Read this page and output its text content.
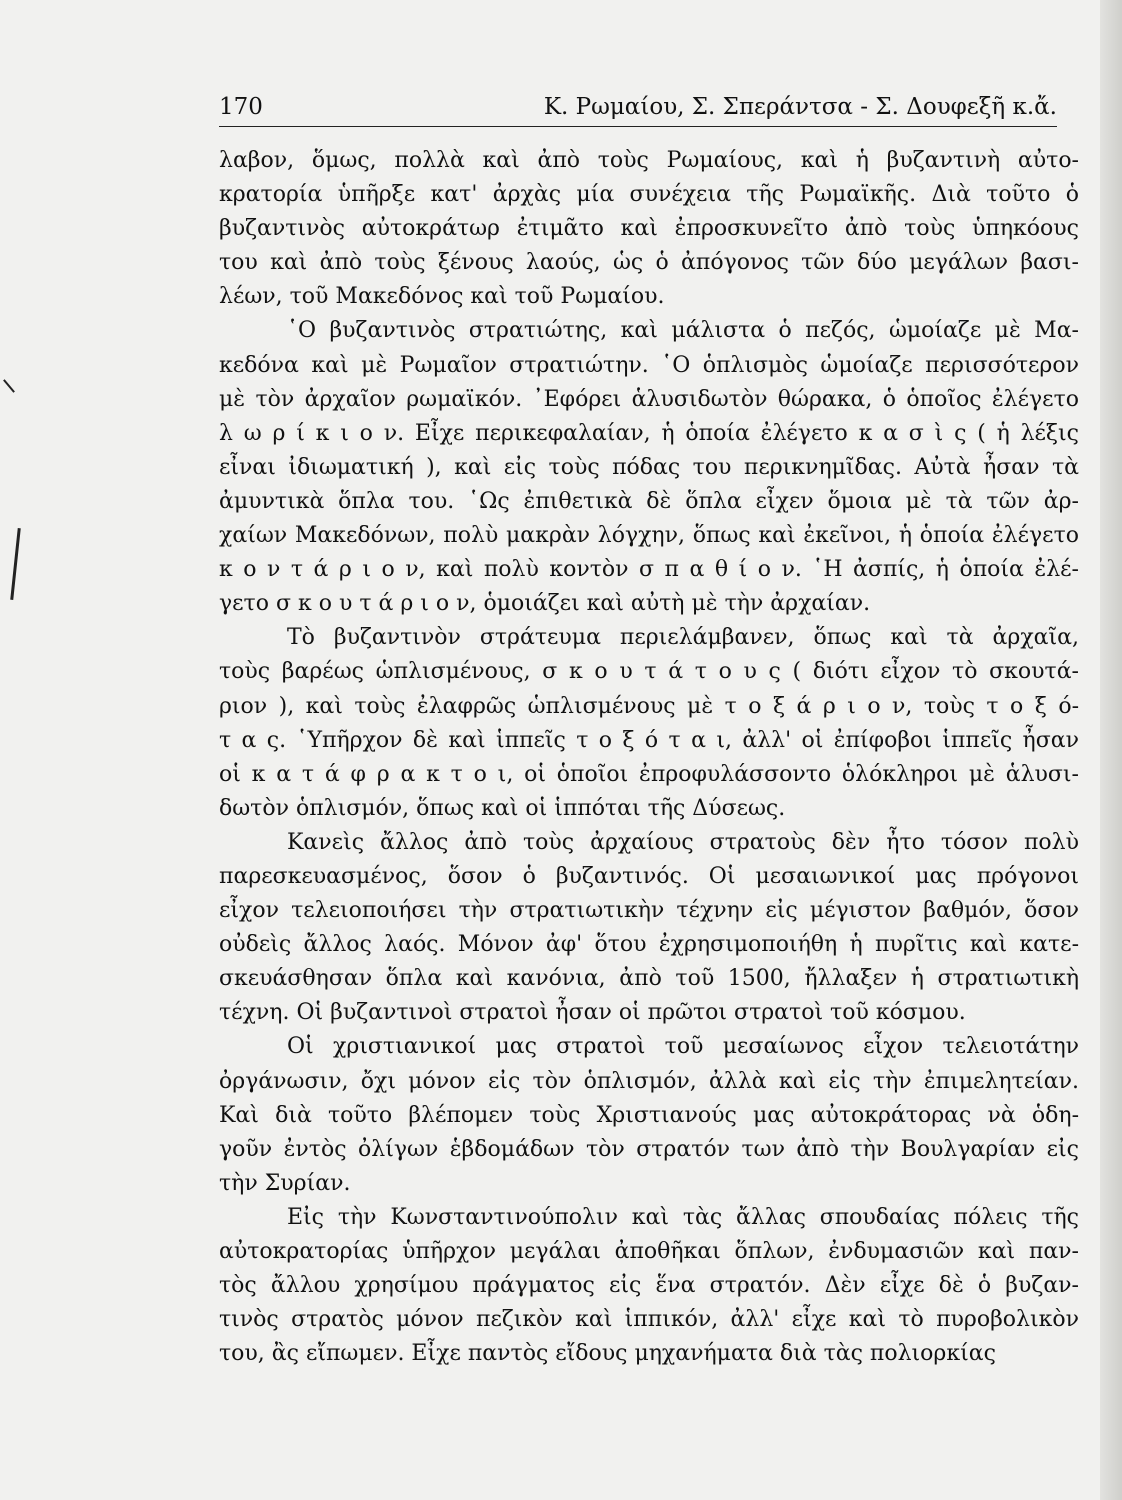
170	Κ. Ρωμαίου, Σ. Σπεράντσα - Σ. Δουφεξῆ κ.ἄ.
λαβον, ὅμως, πολλὰ καὶ ἀπὸ τοὺς Ρωμαίους, καὶ ἡ βυζαντινὴ αὐτο-
κρατορία ὑπῆρξε κατ' ἀρχὰς μία συνέχεια τῆς Ρωμαϊκῆς. Διὰ τοῦτο ὁ
βυζαντινὸς αὐτοκράτωρ ἐτιμᾶτο καὶ ἐπροσκυνεῖτο ἀπὸ τοὺς ὑπηκόους
του καὶ ἀπὸ τοὺς ξένους λαούς, ὡς ὁ ἀπόγονος τῶν δύο μεγάλων βασι-
λέων, τοῦ Μακεδόνος καὶ τοῦ Ρωμαίου.
῾Ο βυζαντινὸς στρατιώτης, καὶ μάλιστα ὁ πεζός, ὡμοίαζε μὲ Μα-
κεδόνα καὶ μὲ Ρωμαῖον στρατιώτην. ῾Ο ὁπλισμὸς ὡμοίαζε περισσότερον
μὲ τὸν ἀρχαῖον ρωμαϊκόν. ᾿Εφόρει ἁλυσιδωτὸν θώρακα, ὁ ὁποῖος ἐλέγετο
λ ω ρ ί κ ι ο ν. Εἶχε περικεφαλαίαν, ἡ ὁποία ἐλέγετο κ α σ ὶ ς ( ἡ λέξις
εἶναι ἰδιωματική ), καὶ εἰς τοὺς πόδας του περικνημῖδας. Αὐτὰ ἦσαν τὰ
ἀμυντικὰ ὅπλα του. ῾Ως ἐπιθετικὰ δὲ ὅπλα εἶχεν ὅμοια μὲ τὰ τῶν ἀρ-
χαίων Μακεδόνων, πολὺ μακρὰν λόγχην, ὅπως καὶ ἐκεῖνοι, ἡ ὁποία ἐλέγετο
κ ο ν τ ά ρ ι ο ν, καὶ πολὺ κοντὸν σ π α θ ί ο ν. ῾Η ἀσπίς, ἡ ὁποία ἐλέ-
γετο σ κ ο υ τ ά ρ ι ο ν, ὁμοιάζει καὶ αὐτὴ μὲ τὴν ἀρχαίαν.
Τὸ βυζαντινὸν στράτευμα περιελάμβανεν, ὅπως καὶ τὰ ἀρχαῖα,
τοὺς βαρέως ὡπλισμένους, σ κ ο υ τ ά τ ο υ ς ( διότι εἶχον τὸ σκουτά-
ριον ), καὶ τοὺς ἐλαφρῶς ὡπλισμένους μὲ τ ο ξ ά ρ ι ο ν, τοὺς τ ο ξ ό-
τ α ς. ῾Υπῆρχον δὲ καὶ ἱππεῖς τ ο ξ ό τ α ι, ἀλλ' οἱ ἐπίφοβοι ἱππεῖς ἦσαν
οἱ κ α τ ά φ ρ α κ τ ο ι, οἱ ὁποῖοι ἐπροφυλάσσοντο ὁλόκληροι μὲ ἁλυσι-
δωτὸν ὁπλισμόν, ὅπως καὶ οἱ ἱππόται τῆς Δύσεως.
Κανεὶς ἄλλος ἀπὸ τοὺς ἀρχαίους στρατοὺς δὲν ἦτο τόσον πολὺ
παρεσκευασμένος, ὅσον ὁ βυζαντινός. Οἱ μεσαιωνικοί μας πρόγονοι
εἶχον τελειοποιήσει τὴν στρατιωτικὴν τέχνην εἰς μέγιστον βαθμόν, ὅσον
οὐδεὶς ἄλλος λαός. Μόνον ἀφ' ὅτου ἐχρησιμοποιήθη ἡ πυρῖτις καὶ κατε-
σκευάσθησαν ὅπλα καὶ κανόνια, ἀπὸ τοῦ 1500, ἤλλαξεν ἡ στρατιωτικὴ
τέχνη. Οἱ βυζαντινοὶ στρατοὶ ἦσαν οἱ πρῶτοι στρατοὶ τοῦ κόσμου.
Οἱ χριστιανικοί μας στρατοὶ τοῦ μεσαίωνος εἶχον τελειοτάτην
ὀργάνωσιν, ὄχι μόνον εἰς τὸν ὁπλισμόν, ἀλλὰ καὶ εἰς τὴν ἐπιμελητείαν.
Καὶ διὰ τοῦτο βλέπομεν τοὺς Χριστιανούς μας αὐτοκράτορας νὰ ὁδη-
γοῦν ἐντὸς ὀλίγων ἑβδομάδων τὸν στρατόν των ἀπὸ τὴν Βουλγαρίαν εἰς
τὴν Συρίαν.
Εἰς τὴν Κωνσταντινούπολιν καὶ τὰς ἄλλας σπουδαίας πόλεις τῆς
αὐτοκρατορίας ὑπῆρχον μεγάλαι ἀποθῆκαι ὅπλων, ἐνδυμασιῶν καὶ παν-
τὸς ἄλλου χρησίμου πράγματος εἰς ἕνα στρατόν. Δὲν εἶχε δὲ ὁ βυζαν-
τινὸς στρατὸς μόνον πεζικὸν καὶ ἱππικόν, ἀλλ' εἶχε καὶ τὸ πυροβολικὸν
του, ἂς εἴπωμεν. Εἶχε παντὸς εἴδους μηχανήματα διὰ τὰς πολιορκίας
